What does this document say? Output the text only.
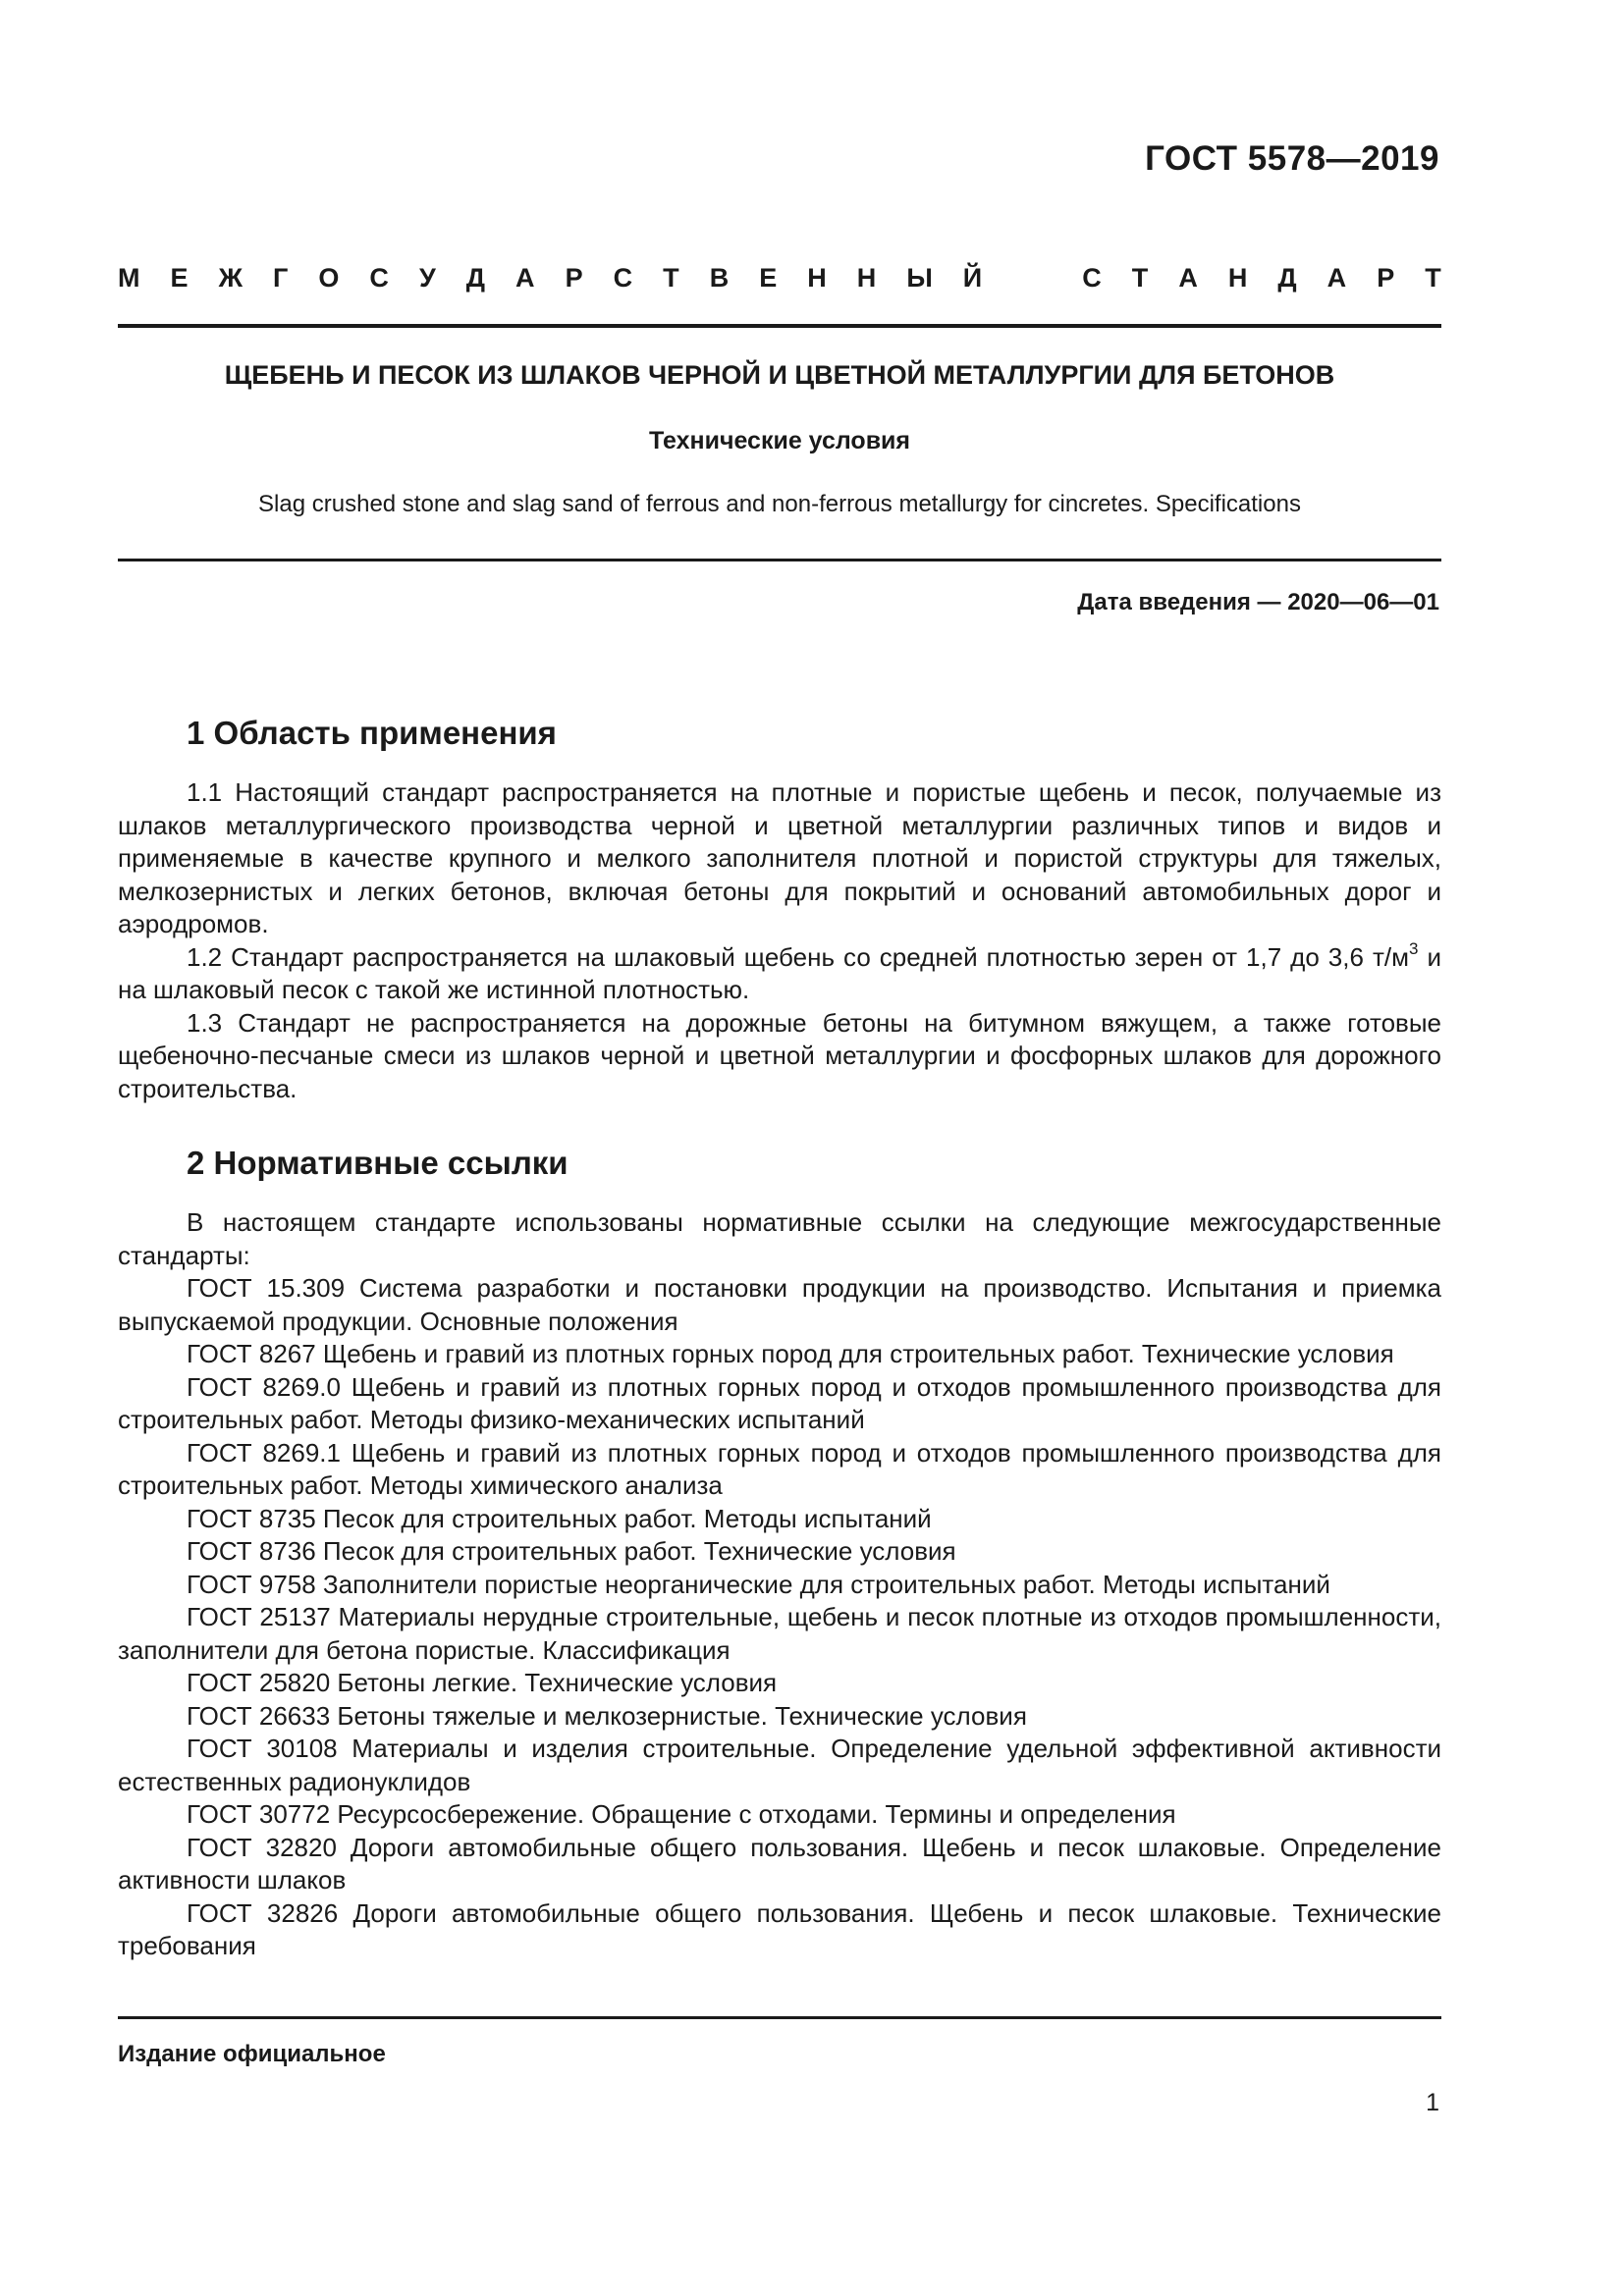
ГОСТ 5578—2019
М Е Ж Г О С У Д А Р С Т В Е Н Н Ы Й	С Т А Н Д А Р Т
ЩЕБЕНЬ И ПЕСОК ИЗ ШЛАКОВ ЧЕРНОЙ И ЦВЕТНОЙ МЕТАЛЛУРГИИ ДЛЯ БЕТОНОВ
Технические условия
Slag crushed stone and slag sand of ferrous and non-ferrous metallurgy for cincretes. Specifications
Дата введения — 2020—06—01
1 Область применения

1.1 Настоящий стандарт распространяется на плотные и пористые щебень и песок, получаемые из шлаков металлургического производства черной и цветной металлургии различных типов и видов и применяемые в качестве крупного и мелкого заполнителя плотной и пористой структуры для тяжелых, мелкозернистых и легких бетонов, включая бетоны для покрытий и оснований автомобильных дорог и аэродромов.

1.2 Стандарт распространяется на шлаковый щебень со средней плотностью зерен от 1,7 до 3,6 $т/м^3$ и на шлаковый песок с такой же истинной плотностью.

1.3 Стандарт не распространяется на дорожные бетоны на битумном вяжущем, а также готовые щебеночно-песчаные смеси из шлаков черной и цветной металлургии и фосфорных шлаков для дорожного строительства.

2 Нормативные ссылки

В настоящем стандарте использованы нормативные ссылки на следующие межгосударственные стандарты:

ГОСТ 15.309 Система разработки и постановки продукции на производство. Испытания и приемка выпускаемой продукции. Основные положения

ГОСТ 8267 Щебень и гравий из плотных горных пород для строительных работ. Технические условия

ГОСТ 8269.0 Щебень и гравий из плотных горных пород и отходов промышленного производства для строительных работ. Методы физико-механических испытаний

ГОСТ 8269.1 Щебень и гравий из плотных горных пород и отходов промышленного производства для строительных работ. Методы химического анализа

ГОСТ 8735 Песок для строительных работ. Методы испытаний

ГОСТ 8736 Песок для строительных работ. Технические условия

ГОСТ 9758 Заполнители пористые неорганические для строительных работ. Методы испытаний

ГОСТ 25137 Материалы нерудные строительные, щебень и песок плотные из отходов промышленности, заполнители для бетона пористые. Классификация

ГОСТ 25820 Бетоны легкие. Технические условия

ГОСТ 26633 Бетоны тяжелые и мелкозернистые. Технические условия

ГОСТ 30108 Материалы и изделия строительные. Определение удельной эффективной активности естественных радионуклидов

ГОСТ 30772 Ресурсосбережение. Обращение с отходами. Термины и определения

ГОСТ 32820 Дороги автомобильные общего пользования. Щебень и песок шлаковые. Определение активности шлаков

ГОСТ 32826 Дороги автомобильные общего пользования. Щебень и песок шлаковые. Технические требования

Издание официальное
1
